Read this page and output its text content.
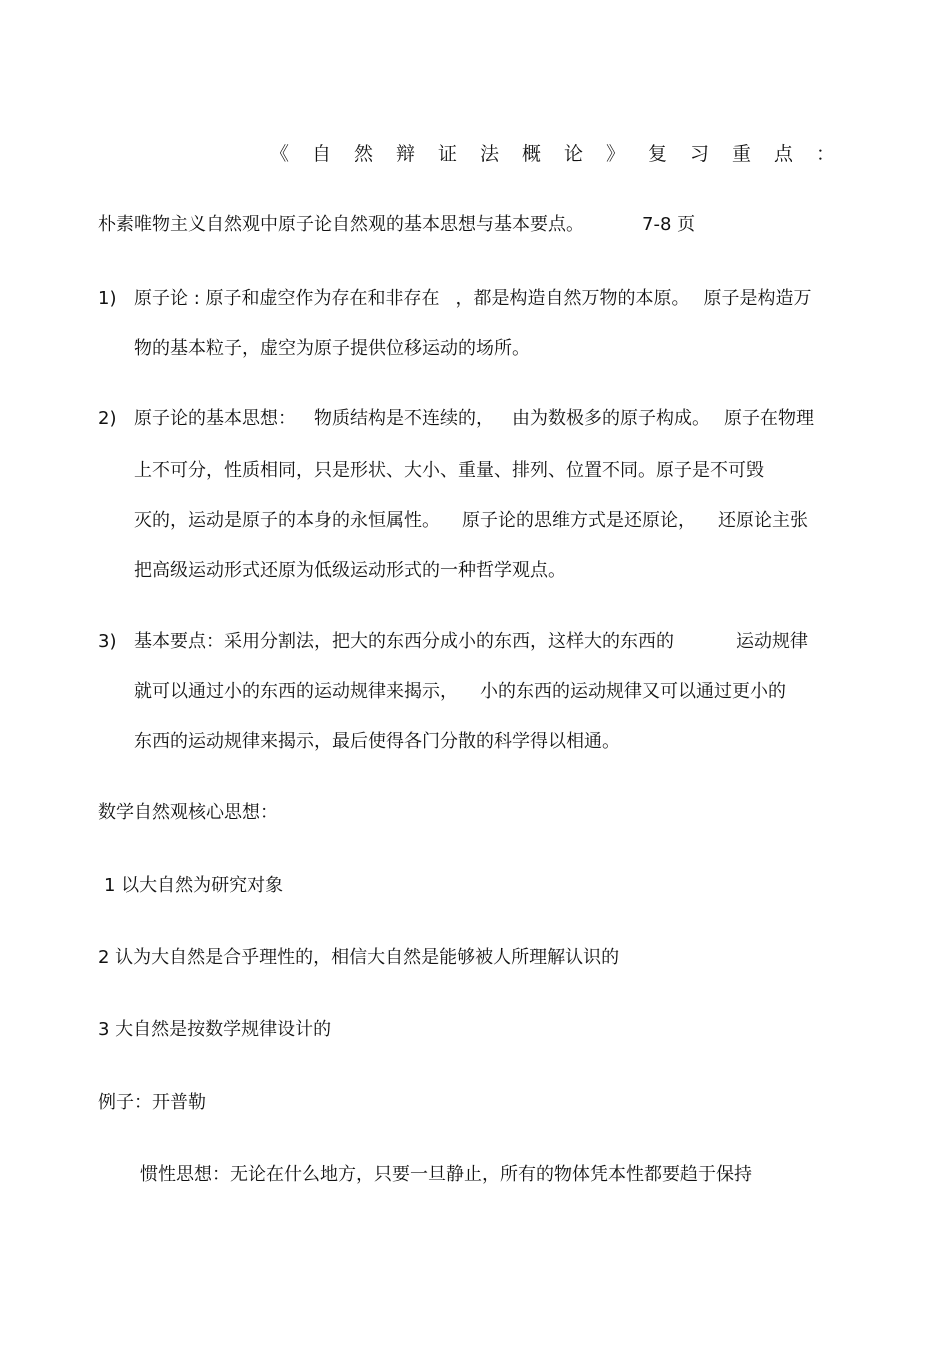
《自然辩证法概论》复习重点：
朴素唯物主义自然观中原子论自然观的基本思想与基本要点。	7-8 页
1) 原子论 : 原子和虚空作为存在和非存在 ，都是构造自然万物的本原。 原子是构造万
物的基本粒子，虚空为原子提供位移运动的场所。
2) 原子论的基本思想： 物质结构是不连续的， 由为数极多的原子构成。 原子在物理
上不可分，性质相同，只是形状、大小、重量、排列、位置不同。原子是不可毁
灭的，运动是原子的本身的永恒属性。 原子论的思维方式是还原论， 还原论主张
把高级运动形式还原为低级运动形式的一种哲学观点。
3) 基本要点：采用分割法，把大的东西分成小的东西，这样大的东西的	运动规律
就可以通过小的东西的运动规律来揭示， 小的东西的运动规律又可以通过更小的
东西的运动规律来揭示，最后使得各门分散的科学得以相通。
数学自然观核心思想：
1 以大自然为研究对象
2 认为大自然是合乎理性的，相信大自然是能够被人所理解认识的
3 大自然是按数学规律设计的
例子：开普勒
惯性思想：无论在什么地方，只要一旦静止，所有的物体凭本性都要趋于保持
